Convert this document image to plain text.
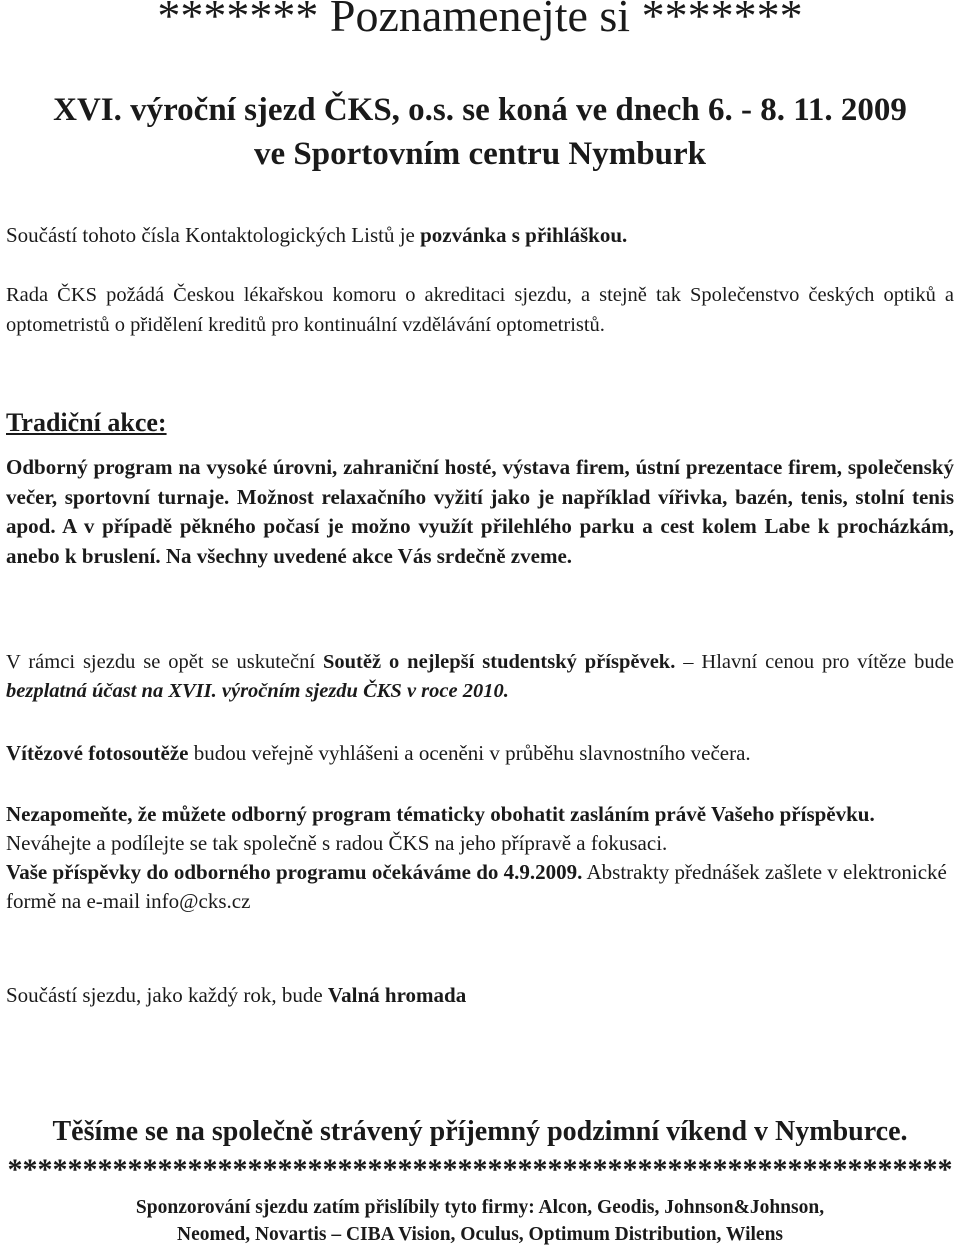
******* Poznamenejte si *******
XVI. výroční sjezd ČKS, o.s. se koná ve dnech 6. - 8. 11. 2009
ve Sportovním centru Nymburk

Součástí tohoto čísla Kontaktologických Listů je pozvánka s přihláškou.

Rada ČKS požádá Českou lékařskou komoru o akreditaci sjezdu, a stejně tak Společenstvo českých optiků a optometristů o přidělení kreditů pro kontinuální vzdělávání optometristů.

Tradiční akce:

Odborný program na vysoké úrovni, zahraniční hosté, výstava firem, ústní prezentace firem, společenský večer, sportovní turnaje. Možnost relaxačního vyžití jako je například vířivka, bazén, tenis, stolní tenis apod. A v případě pěkného počasí je možno využít přilehlého parku a cest kolem Labe k procházkám, anebo k bruslení. Na všechny uvedené akce Vás srdečně zveme.

V rámci sjezdu se opět se uskuteční Soutěž o nejlepší studentský příspěvek. – Hlavní cenou pro vítěze bude bezplatná účast na XVII. výročním sjezdu ČKS v roce 2010.

Vítězové fotosoutěže budou veřejně vyhlášeni a oceněni v průběhu slavnostního večera.

Nezapomeňte, že můžete odborný program tématicky obohatit zasláním právě Vašeho příspěvku.
Neváhejte a podílejte se tak společně s radou ČKS na jeho přípravě a fokusaci.
Vaše příspěvky do odborného programu očekáváme do 4.9.2009. Abstrakty přednášek zašlete v elektronické formě na e-mail info@cks.cz

Součástí sjezdu, jako každý rok, bude Valná hromada

Těšíme se na společně strávený příjemný podzimní víkend v Nymburce.
***************************************************************
Sponzorování sjezdu zatím přislíbily tyto firmy: Alcon, Geodis, Johnson&Johnson,
Neomed, Novartis – CIBA Vision, Oculus, Optimum Distribution, Wilens
